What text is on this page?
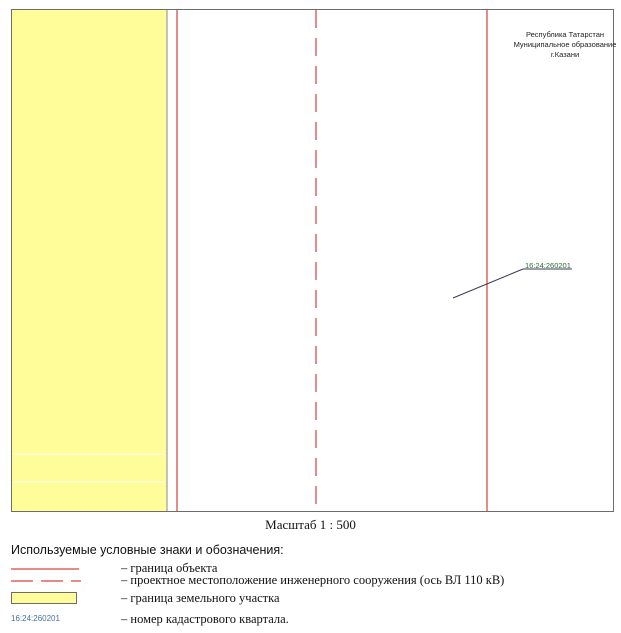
Республика Татарстан
Муниципальное образование
г.Казани
16:24:260201
Масштаб 1 : 500
Используемые условные знаки и обозначения:
– граница объекта
– проектное местоположение инженерного сооружения (ось ВЛ 110 кВ)
– граница земельного участка
16:24:260201	– номер кадастрового квартала.
